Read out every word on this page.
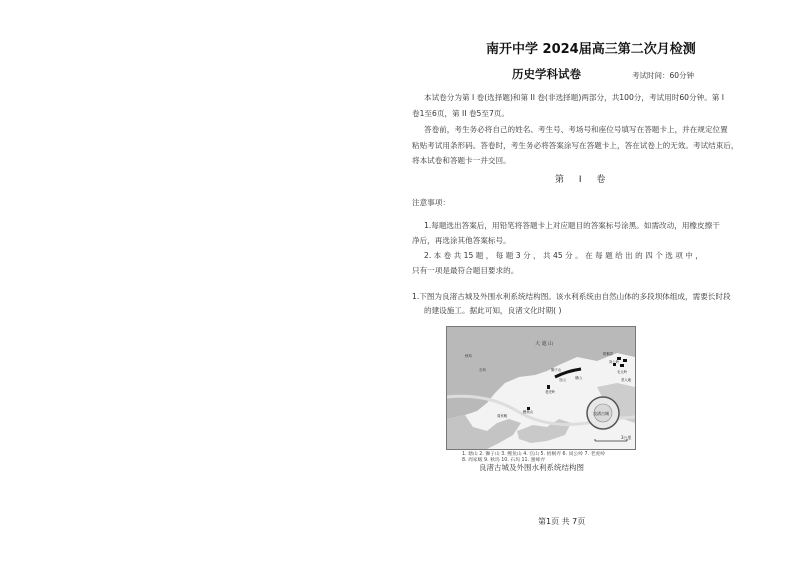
南开中学 2024届高三第二次月检测
历史学科试卷	考试时间：60分钟
本试卷分为第 I 卷(选择题)和第 II 卷(非选择题)两部分，共100分，考试用时60分钟。第 I
卷1至6页，第 II 卷5至7页。
答卷前，考生务必将自己的姓名、考生号、考场号和座位号填写在答题卡上，并在规定位置
粘贴考试用条形码。答卷时，考生务必将答案涂写在答题卡上，答在试卷上的无效。考试结束后，
将本试卷和答题卡一并交回。
第 I 卷
注意事项：
1.每题选出答案后，用铅笔将答题卡上对应题目的答案标号涂黑。如需改动，用橡皮擦干
净后，再选涂其他答案标号。
2. 本 卷 共 15 题 ， 每 题 3 分 ， 共 45 分 。 在 每 题 给 出 的 四 个 选 项 中 ，
只有一项是最符合题目要求的。
1.下图为良渚古城及外围水利系统结构图。该水利系统由自然山体的多段坝体组成，需要长时段
的建设施工。据此可知，良渚文化时期( )
大 遮 山
良渚古城
3公里
秋坞
石坞
老虎岭
周家畈
鲤鱼山
狮子山
官山
梧桐弄
岗公岭
毛元岭
塘山	美人地
1. 塘山 2. 狮子山 3. 鲤鱼山 4. 官山 5. 梧桐弄 6. 岗公岭 7. 老虎岭
8. 周家畈 9. 秋坞 10. 石坞 11. 蜜蜂弄
良渚古城及外围水利系统结构图
第1页 共 7页
